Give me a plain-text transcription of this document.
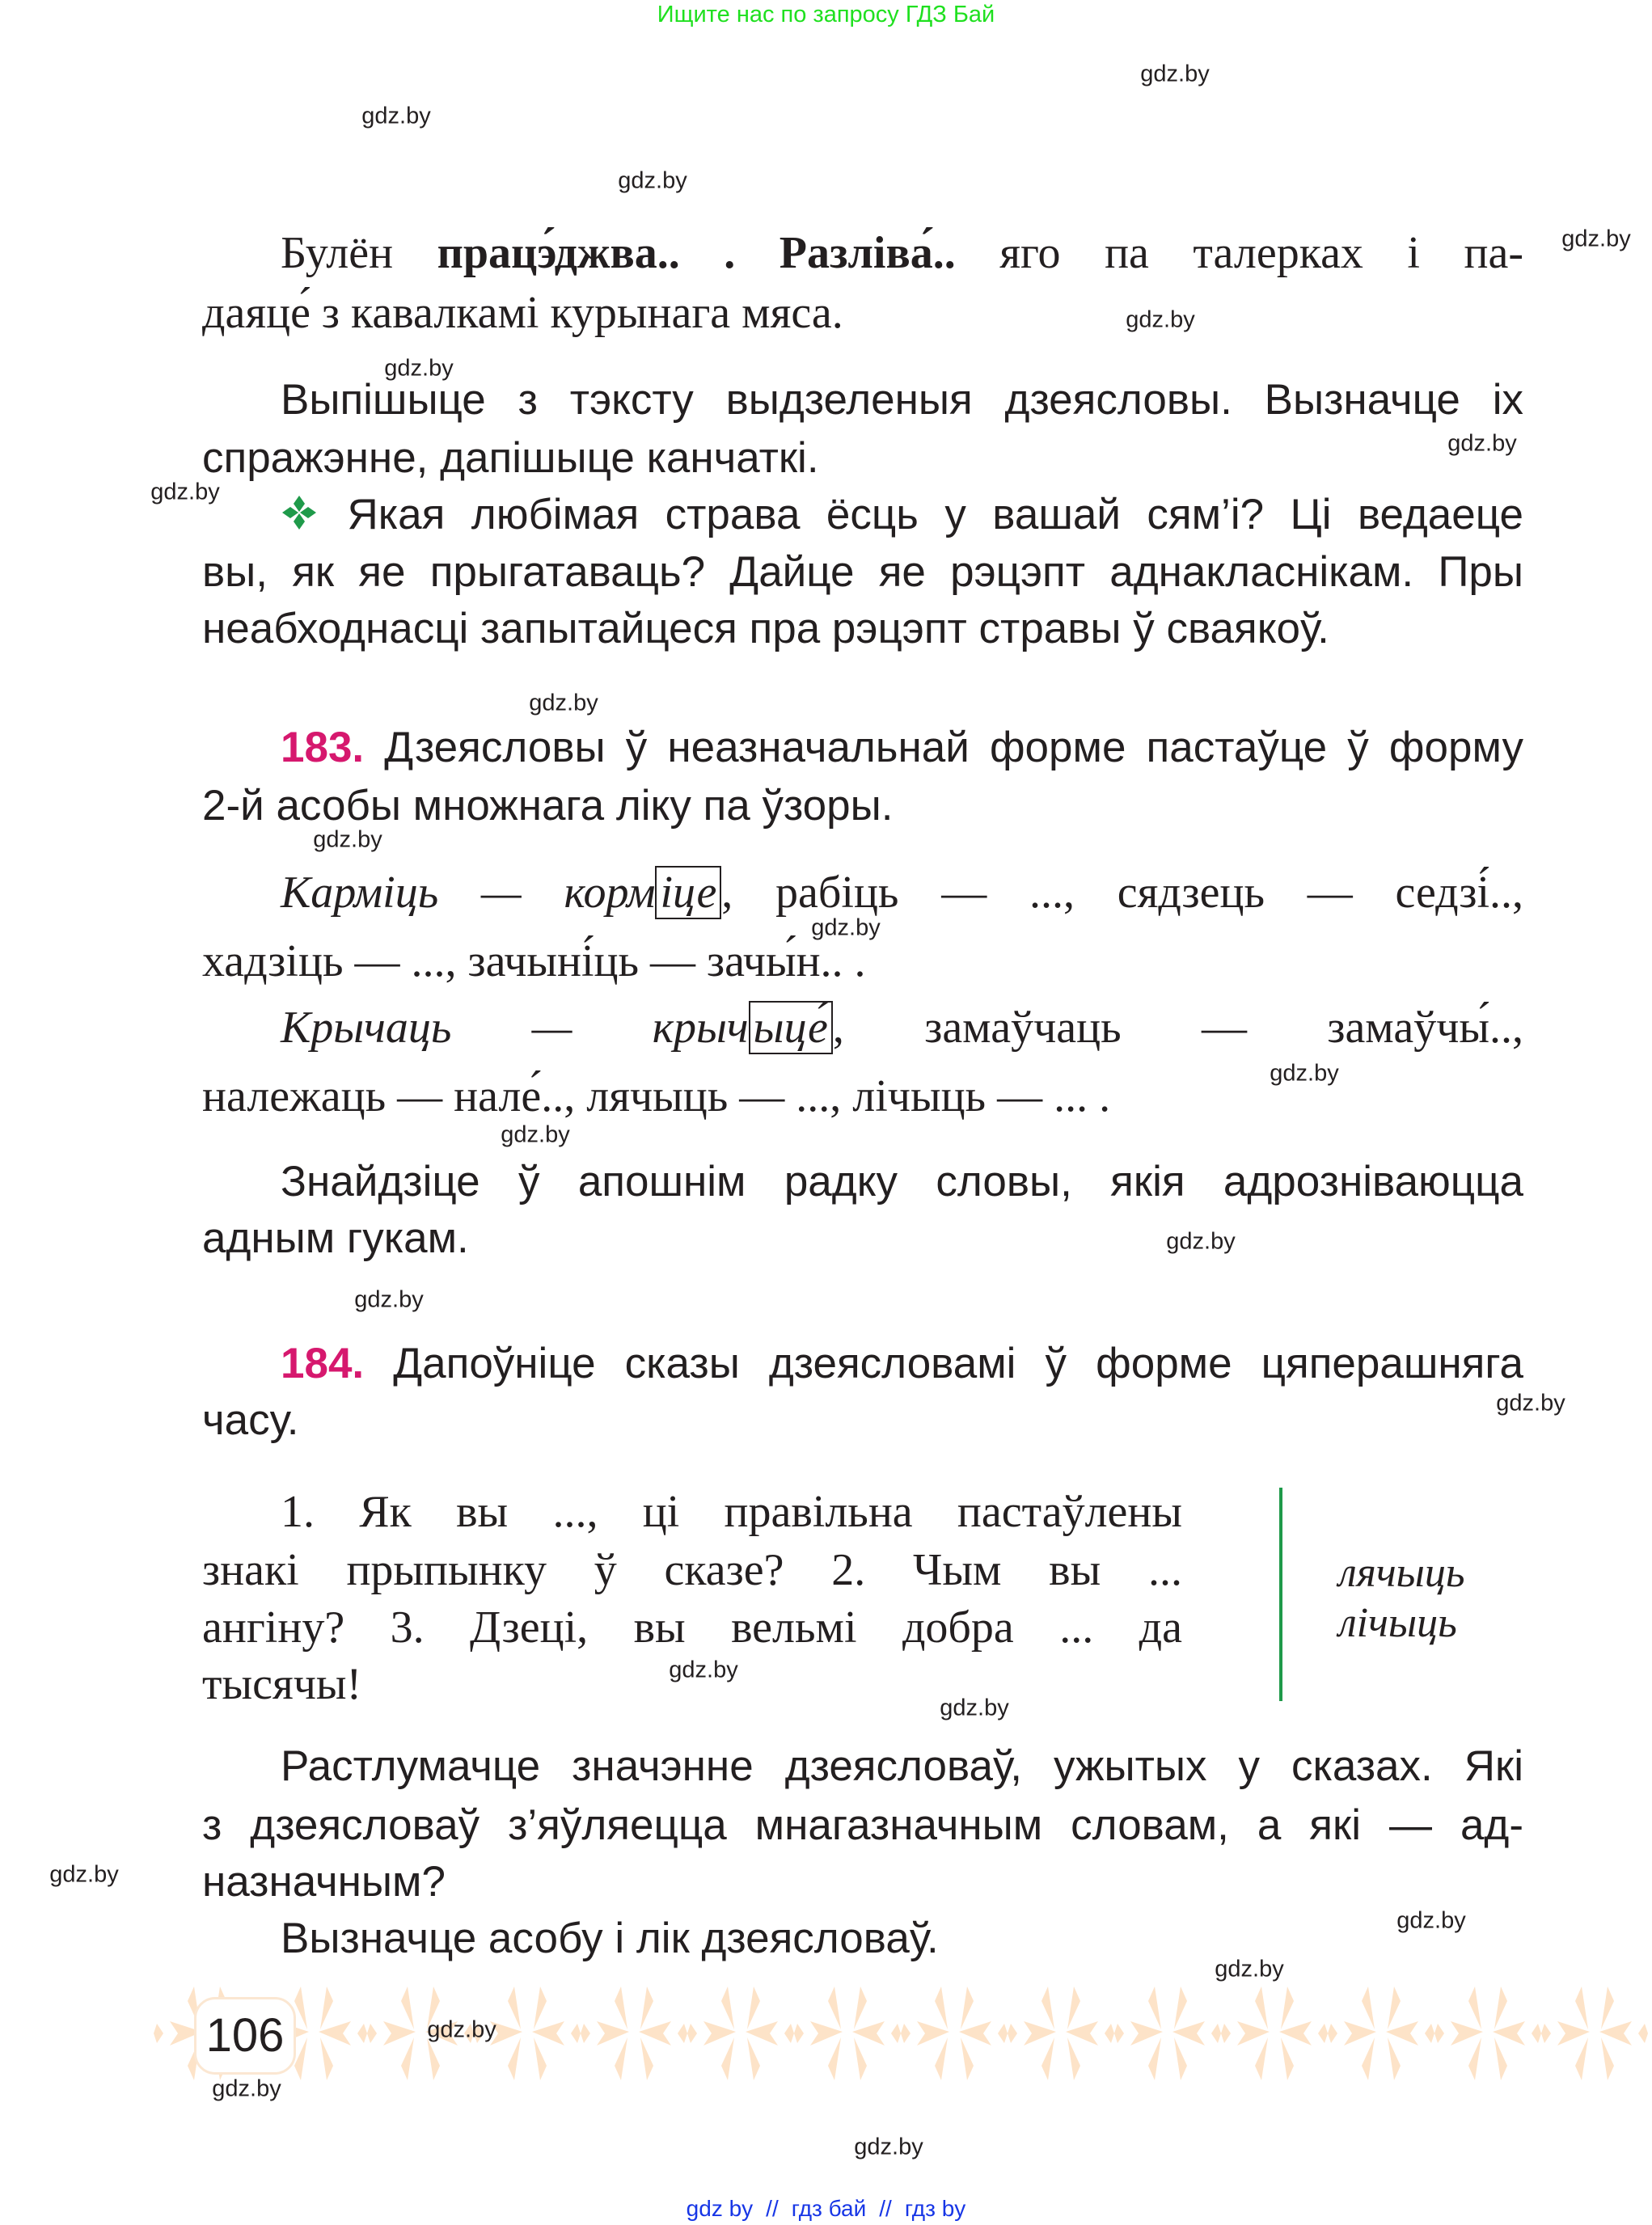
Ищите нас по запросу ГДЗ Бай
Булён працэ́джва.. . Разліва́.. яго па талерках і па-
даяце́ з кавалкамі курынага мяса.
Выпішыце з тэксту выдзеленыя дзеясловы. Вызначце іх
спражэнне, дапішыце канчаткі.
Якая любімая страва ёсць у вашай сям’і? Ці ведаеце
вы, як яе прыгатаваць? Дайце яе рэцэпт аднакласнікам. Пры
неабходнасці запытайцеся пра рэцэпт стравы ў сваякоў.
183. Дзеясловы ў неазначальнай форме пастаўце ў форму
2-й асобы множнага ліку па ўзоры.
Карміць — корм іце , рабіць — ..., сядзець — седзі́..,
хадзіць — ..., зачыні́ць — зачы́н.. .
Крычаць — крыч ыце́ , замаўчаць — замаўчы́..,
належаць — нале́.., лячыць — ..., лічыць — ... .
Знайдзіце ў апошнім радку словы, якія адрозніваюцца
адным гукам.
184. Дапоўніце сказы дзеясловамі ў форме цяперашняга
часу.
1. Як вы ..., ці правільна пастаўлены
знакі прыпынку ў сказе? 2. Чым вы ...
ангіну? 3. Дзеці, вы вельмі добра ... да
тысячы!
лячыць
лічыць
Растлумачце значэнне дзеясловаў, ужытых у сказах. Які
з дзеясловаў з’яўляецца мнагазначным словам, а які — ад-
назначным?
Вызначце асобу і лік дзеясловаў.
106
gdz.by
gdz.by
gdz.by
gdz.by
gdz.by
gdz.by
gdz.by
gdz.by
gdz.by
gdz.by
gdz.by
gdz.by
gdz.by
gdz.by
gdz.by
gdz.by
gdz.by
gdz.by
gdz.by
gdz.by
gdz.by
gdz.by
gdz.by
gdz.by
gdz by // гдз бай // гдз by
